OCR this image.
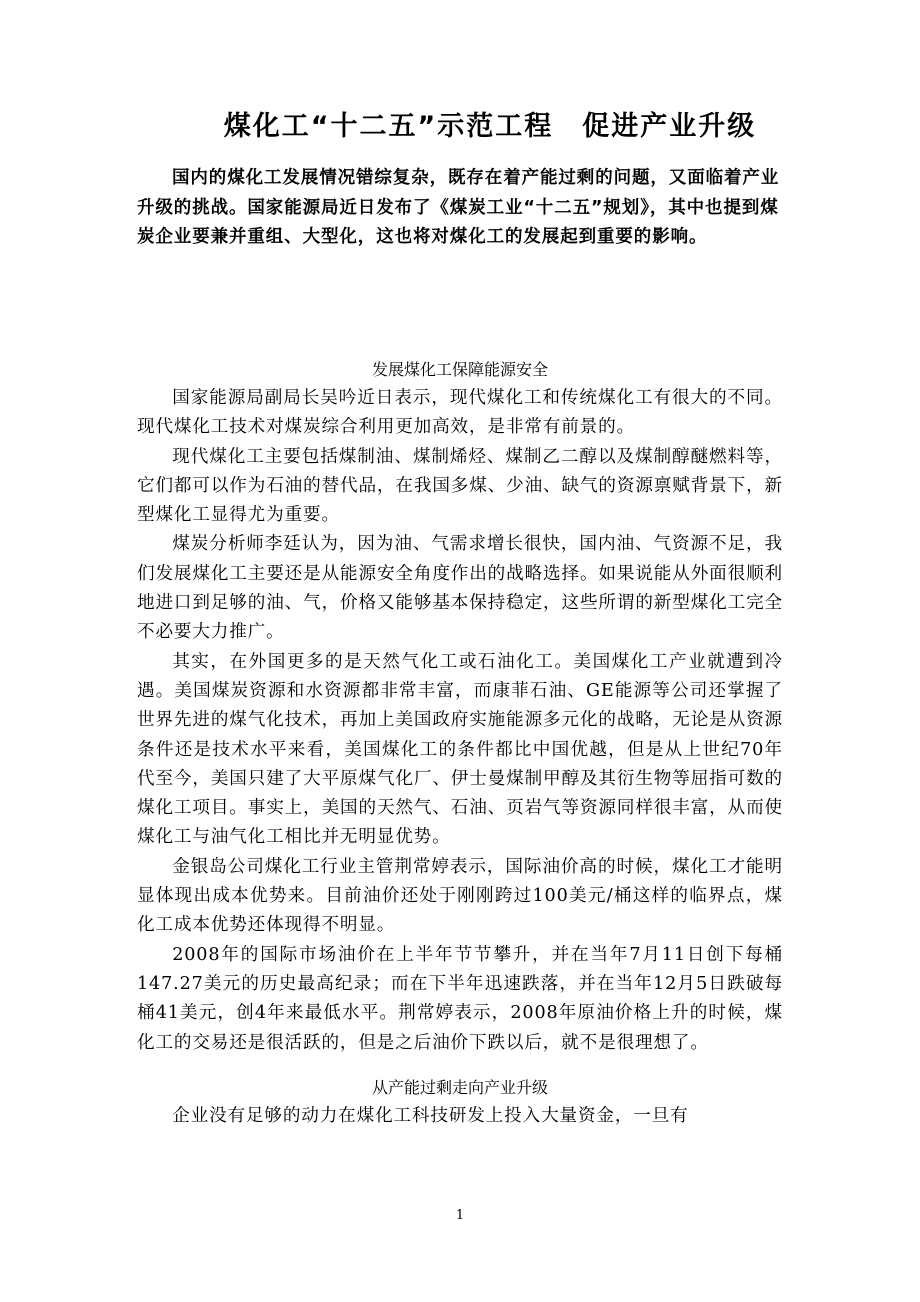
煤化工“十二五”示范工程　促进产业升级

国内的煤化工发展情况错综复杂，既存在着产能过剩的问题，又面临着产业升级的挑战。国家能源局近日发布了《煤炭工业“十二五”规划》，其中也提到煤炭企业要兼并重组、大型化，这也将对煤化工的发展起到重要的影响。

发展煤化工保障能源安全

国家能源局副局长吴吟近日表示，现代煤化工和传统煤化工有很大的不同。现代煤化工技术对煤炭综合利用更加高效，是非常有前景的。

现代煤化工主要包括煤制油、煤制烯烃、煤制乙二醇以及煤制醇醚燃料等，它们都可以作为石油的替代品，在我国多煤、少油、缺气的资源禀赋背景下，新型煤化工显得尤为重要。

煤炭分析师李廷认为，因为油、气需求增长很快，国内油、气资源不足，我们发展煤化工主要还是从能源安全角度作出的战略选择。如果说能从外面很顺利地进口到足够的油、气，价格又能够基本保持稳定，这些所谓的新型煤化工完全不必要大力推广。

其实，在外国更多的是天然气化工或石油化工。美国煤化工产业就遭到冷遇。美国煤炭资源和水资源都非常丰富，而康菲石油、GE能源等公司还掌握了世界先进的煤气化技术，再加上美国政府实施能源多元化的战略，无论是从资源条件还是技术水平来看，美国煤化工的条件都比中国优越，但是从上世纪70年代至今，美国只建了大平原煤气化厂、伊士曼煤制甲醇及其衍生物等屈指可数的煤化工项目。事实上，美国的天然气、石油、页岩气等资源同样很丰富，从而使煤化工与油气化工相比并无明显优势。

金银岛公司煤化工行业主管荆常婷表示，国际油价高的时候，煤化工才能明显体现出成本优势来。目前油价还处于刚刚跨过100美元/桶这样的临界点，煤化工成本优势还体现得不明显。

2008年的国际市场油价在上半年节节攀升，并在当年7月11日创下每桶147.27美元的历史最高纪录；而在下半年迅速跌落，并在当年12月5日跌破每桶41美元，创4年来最低水平。荆常婷表示，2008年原油价格上升的时候，煤化工的交易还是很活跃的，但是之后油价下跌以后，就不是很理想了。

从产能过剩走向产业升级

企业没有足够的动力在煤化工科技研发上投入大量资金，一旦有

1
